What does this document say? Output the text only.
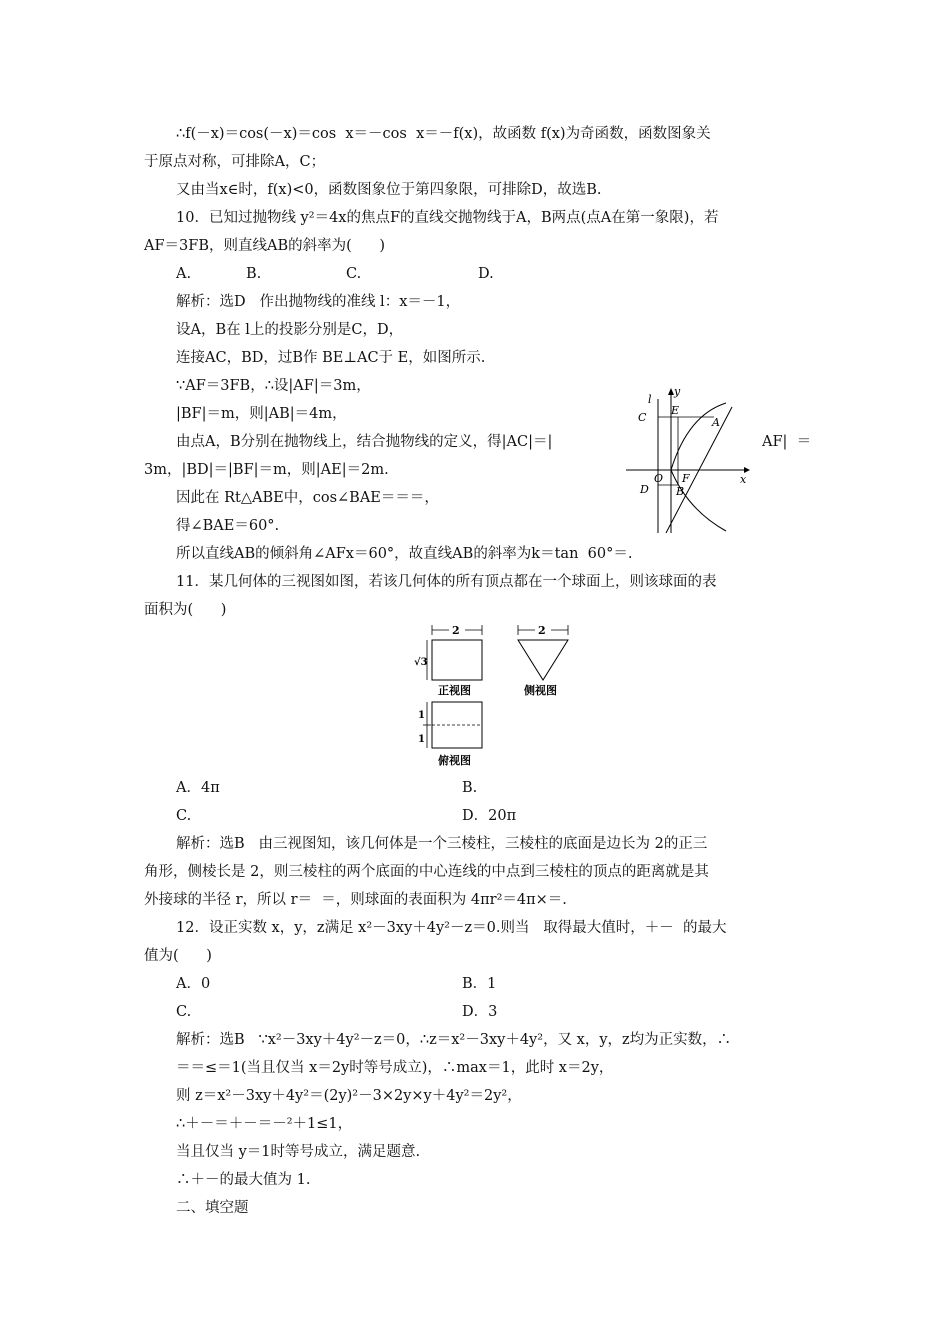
∴f(－x)＝cos(－x)＝cos  x＝－cos  x＝－f(x)，故函数 f(x)为奇函数，函数图象关
于原点对称，可排除A，C；
又由当x∈时，f(x)<0，函数图象位于第四象限，可排除D，故选B.
10．已知过抛物线 y²＝4x的焦点F的直线交抛物线于A，B两点(点A在第一象限)，若
AF＝3FB，则直线AB的斜率为(      )
A.	B.	C.	D.
解析：选D   作出抛物线的准线 l：x＝－1，
设A，B在 l上的投影分别是C，D，
连接AC，BD，过B作 BE⊥AC于 E，如图所示.
∵AF＝3FB，∴设|AF|＝3m，
|BF|＝m，则|AB|＝4m，
由点A，B分别在抛物线上，结合抛物线的定义，得|AC|＝|	AF|  ＝
3m，|BD|＝|BF|＝m，则|AE|＝2m.
因此在 Rt△ABE中，cos∠BAE＝＝＝，
得∠BAE＝60°.
所以直线AB的倾斜角∠AFx＝60°，故直线AB的斜率为k＝tan  60°＝.
l
y
x
C
E
A
O F
D B
11．某几何体的三视图如图，若该几何体的所有顶点都在一个球面上，则该球面的表
面积为(      )
2
√3
正视图
2
侧视图
1
1
俯视图
A．4π	B.
C.	D．20π
解析：选B   由三视图知，该几何体是一个三棱柱，三棱柱的底面是边长为 2的正三
角形，侧棱长是 2，则三棱柱的两个底面的中心连线的中点到三棱柱的顶点的距离就是其
外接球的半径 r，所以 r＝  ＝，则球面的表面积为 4πr²＝4π×＝.
12．设正实数 x，y，z满足 x²－3xy＋4y²－z＝0.则当   取得最大值时，＋－  的最大
值为(      )
A．0	B．1
C.	D．3
解析：选B   ∵x²－3xy＋4y²－z＝0，∴z＝x²－3xy＋4y²，又 x，y，z均为正实数，∴
＝＝≤＝1(当且仅当 x＝2y时等号成立)，∴max＝1，此时 x＝2y，
则 z＝x²－3xy＋4y²＝(2y)²－3×2y×y＋4y²＝2y²，
∴＋－＝＋－＝－²＋1≤1，
当且仅当 y＝1时等号成立，满足题意.
∴＋－的最大值为 1.
二、填空题
